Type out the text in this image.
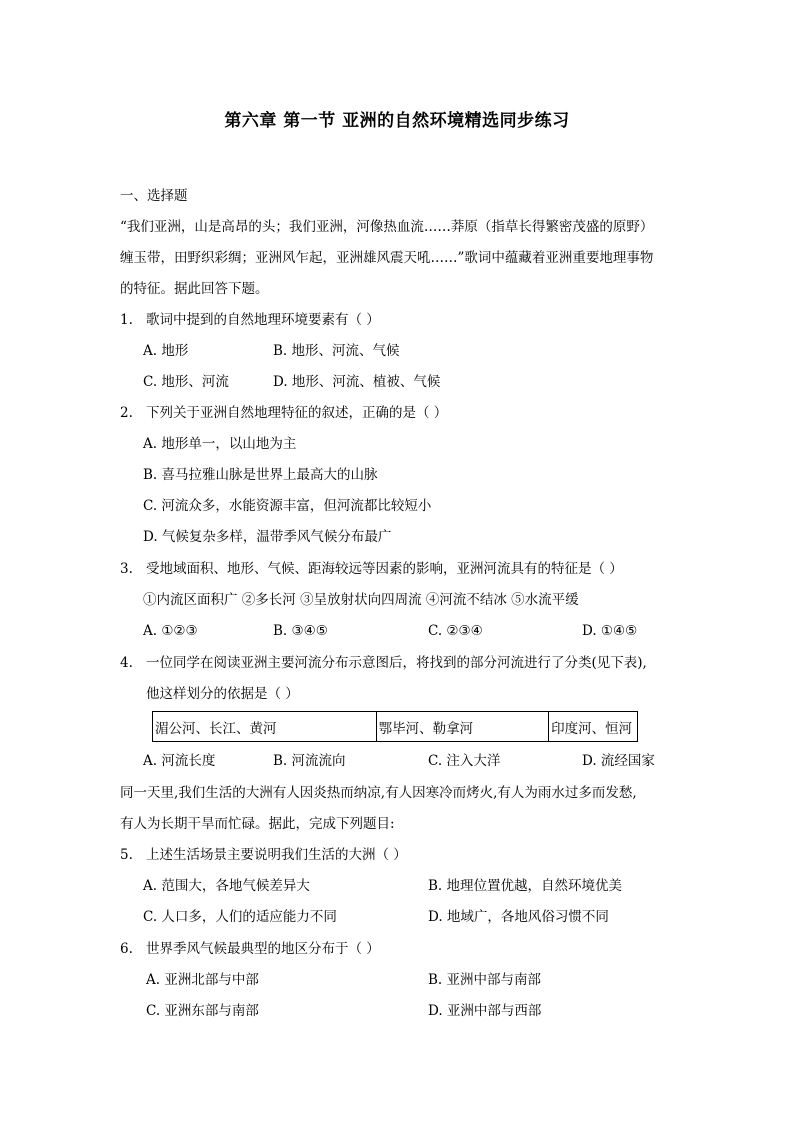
第六章 第一节 亚洲的自然环境精选同步练习
一、选择题
“我们亚洲，山是高昂的头；我们亚洲，河像热血流……莽原（指草长得繁密茂盛的原野）
缠玉带，田野织彩绸；亚洲风乍起，亚洲雄风震天吼……”歌词中蕴藏着亚洲重要地理事物
的特征。据此回答下题。
1. 歌词中提到的自然地理环境要素有（ ）
A. 地形	B. 地形、河流、气候
C. 地形、河流	D. 地形、河流、植被、气候
2. 下列关于亚洲自然地理特征的叙述，正确的是（ ）
A. 地形单一，以山地为主
B. 喜马拉雅山脉是世界上最高大的山脉
C. 河流众多，水能资源丰富，但河流都比较短小
D. 气候复杂多样，温带季风气候分布最广
3. 受地域面积、地形、气候、距海较远等因素的影响，亚洲河流具有的特征是（ ）
①内流区面积广 ②多长河 ③呈放射状向四周流 ④河流不结冰 ⑤水流平缓
A. ①②③	B. ③④⑤	C. ②③④	D. ①④⑤
4. 一位同学在阅读亚洲主要河流分布示意图后，将找到的部分河流进行了分类(见下表),
他这样划分的依据是（ ）
湄公河、长江、黄河	鄂毕河、勒拿河	印度河、恒河
A. 河流长度	B. 河流流向	C. 注入大洋	D. 流经国家
同一天里,我们生活的大洲有人因炎热而纳凉,有人因寒冷而烤火,有人为雨水过多而发愁,
有人为长期干旱而忙碌。据此，完成下列题目:
5. 上述生活场景主要说明我们生活的大洲（ ）
A. 范围大，各地气候差异大	B. 地理位置优越，自然环境优美
C. 人口多，人们的适应能力不同	D. 地域广，各地风俗习惯不同
6. 世界季风气候最典型的地区分布于（ ）
A. 亚洲北部与中部	B. 亚洲中部与南部
C. 亚洲东部与南部	D. 亚洲中部与西部
